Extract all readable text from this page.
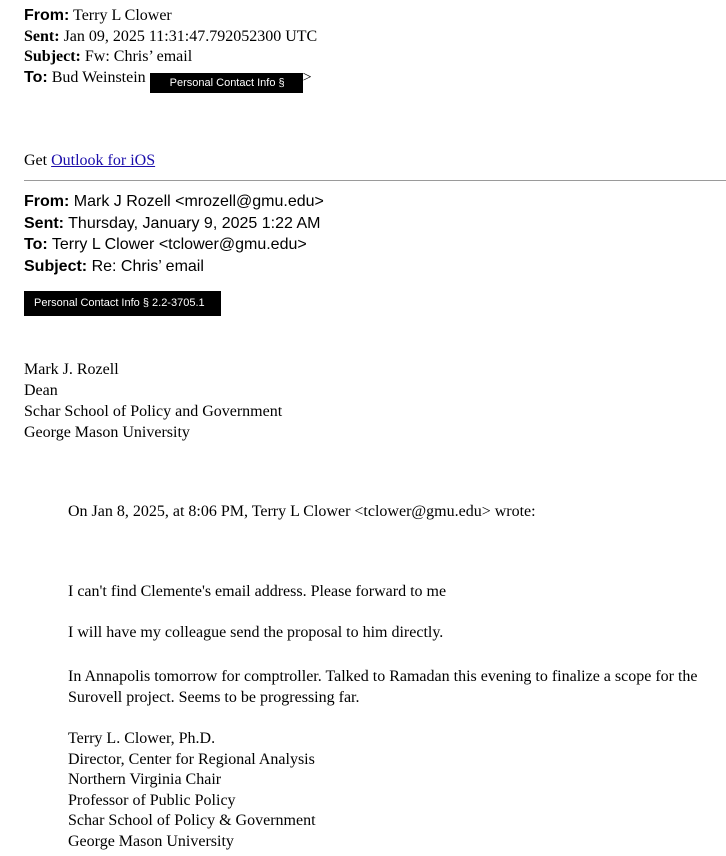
From: Terry L Clower
Sent: Jan 09, 2025 11:31:47.792052300 UTC
Subject: Fw: Chris’ email
To: Bud Weinstein Personal Contact Info § >
Get Outlook for iOS
From: Mark J Rozell <mrozell@gmu.edu>
Sent: Thursday, January 9, 2025 1:22 AM
To: Terry L Clower <tclower@gmu.edu>
Subject: Re: Chris’ email
Personal Contact Info § 2.2-3705.1
Mark J. Rozell
Dean
Schar School of Policy and Government
George Mason University
On Jan 8, 2025, at 8:06 PM, Terry L Clower <tclower@gmu.edu> wrote:
I can't find Clemente's email address. Please forward to me
I will have my colleague send the proposal to him directly.
In Annapolis tomorrow for comptroller. Talked to Ramadan this evening to finalize a scope for the Surovell project. Seems to be progressing far.
Terry L. Clower, Ph.D.
Director, Center for Regional Analysis
Northern Virginia Chair
Professor of Public Policy
Schar School of Policy & Government
George Mason University
